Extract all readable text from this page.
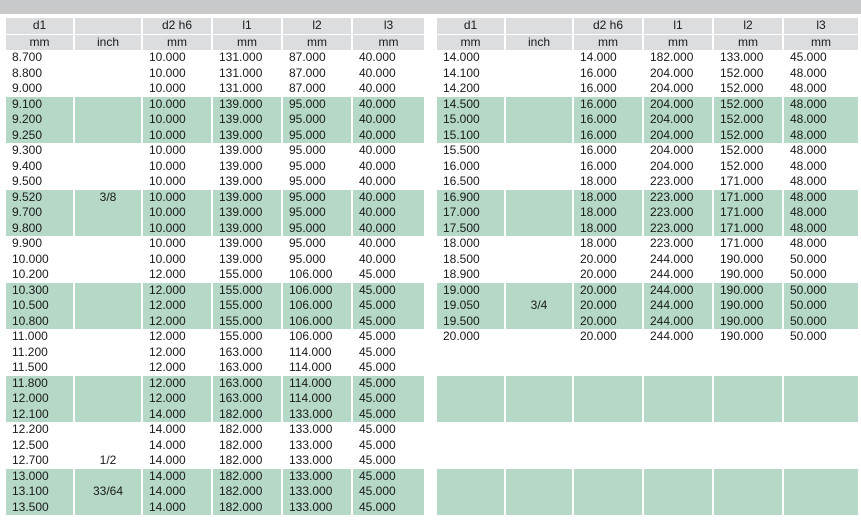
d1		d2 h6	l1	l2	l3
mm	inch	mm	mm	mm	mm
8.700		10.000	131.000	87.000	40.000
8.800		10.000	131.000	87.000	40.000
9.000		10.000	131.000	87.000	40.000
9.100		10.000	139.000	95.000	40.000
9.200		10.000	139.000	95.000	40.000
9.250		10.000	139.000	95.000	40.000
9.300		10.000	139.000	95.000	40.000
9.400		10.000	139.000	95.000	40.000
9.500		10.000	139.000	95.000	40.000
9.520	3/8	10.000	139.000	95.000	40.000
9.700		10.000	139.000	95.000	40.000
9.800		10.000	139.000	95.000	40.000
9.900		10.000	139.000	95.000	40.000
10.000		10.000	139.000	95.000	40.000
10.200		12.000	155.000	106.000	45.000
10.300		12.000	155.000	106.000	45.000
10.500		12.000	155.000	106.000	45.000
10.800		12.000	155.000	106.000	45.000
11.000		12.000	155.000	106.000	45.000
11.200		12.000	163.000	114.000	45.000
11.500		12.000	163.000	114.000	45.000
11.800		12.000	163.000	114.000	45.000
12.000		12.000	163.000	114.000	45.000
12.100		14.000	182.000	133.000	45.000
12.200		14.000	182.000	133.000	45.000
12.500		14.000	182.000	133.000	45.000
12.700	1/2	14.000	182.000	133.000	45.000
13.000		14.000	182.000	133.000	45.000
13.100	33/64	14.000	182.000	133.000	45.000
13.500		14.000	182.000	133.000	45.000
d1		d2 h6	l1	l2	l3
mm	inch	mm	mm	mm	mm
14.000		14.000	182.000	133.000	45.000
14.100		16.000	204.000	152.000	48.000
14.200		16.000	204.000	152.000	48.000
14.500		16.000	204.000	152.000	48.000
15.000		16.000	204.000	152.000	48.000
15.100		16.000	204.000	152.000	48.000
15.500		16.000	204.000	152.000	48.000
16.000		16.000	204.000	152.000	48.000
16.500		18.000	223.000	171.000	48.000
16.900		18.000	223.000	171.000	48.000
17.000		18.000	223.000	171.000	48.000
17.500		18.000	223.000	171.000	48.000
18.000		18.000	223.000	171.000	48.000
18.500		20.000	244.000	190.000	50.000
18.900		20.000	244.000	190.000	50.000
19.000		20.000	244.000	190.000	50.000
19.050	3/4	20.000	244.000	190.000	50.000
19.500		20.000	244.000	190.000	50.000
20.000		20.000	244.000	190.000	50.000
